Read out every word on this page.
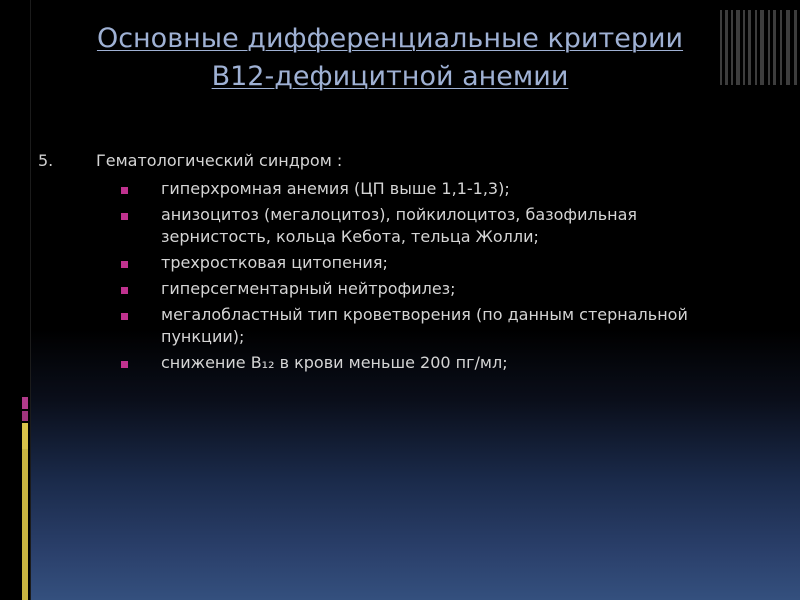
Основные дифференциальные критерии
В12-дефицитной анемии
5.	Гематологический синдром :
гиперхромная анемия (ЦП выше 1,1-1,3);
анизоцитоз (мегалоцитоз), пойкилоцитоз, базофильная зернистость, кольца Кебота, тельца Жолли;
трехростковая цитопения;
гиперсегментарный нейтрофилез;
мегалобластный тип кроветворения (по данным стернальной пункции);
снижение В₁₂ в крови меньше 200 пг/мл;
